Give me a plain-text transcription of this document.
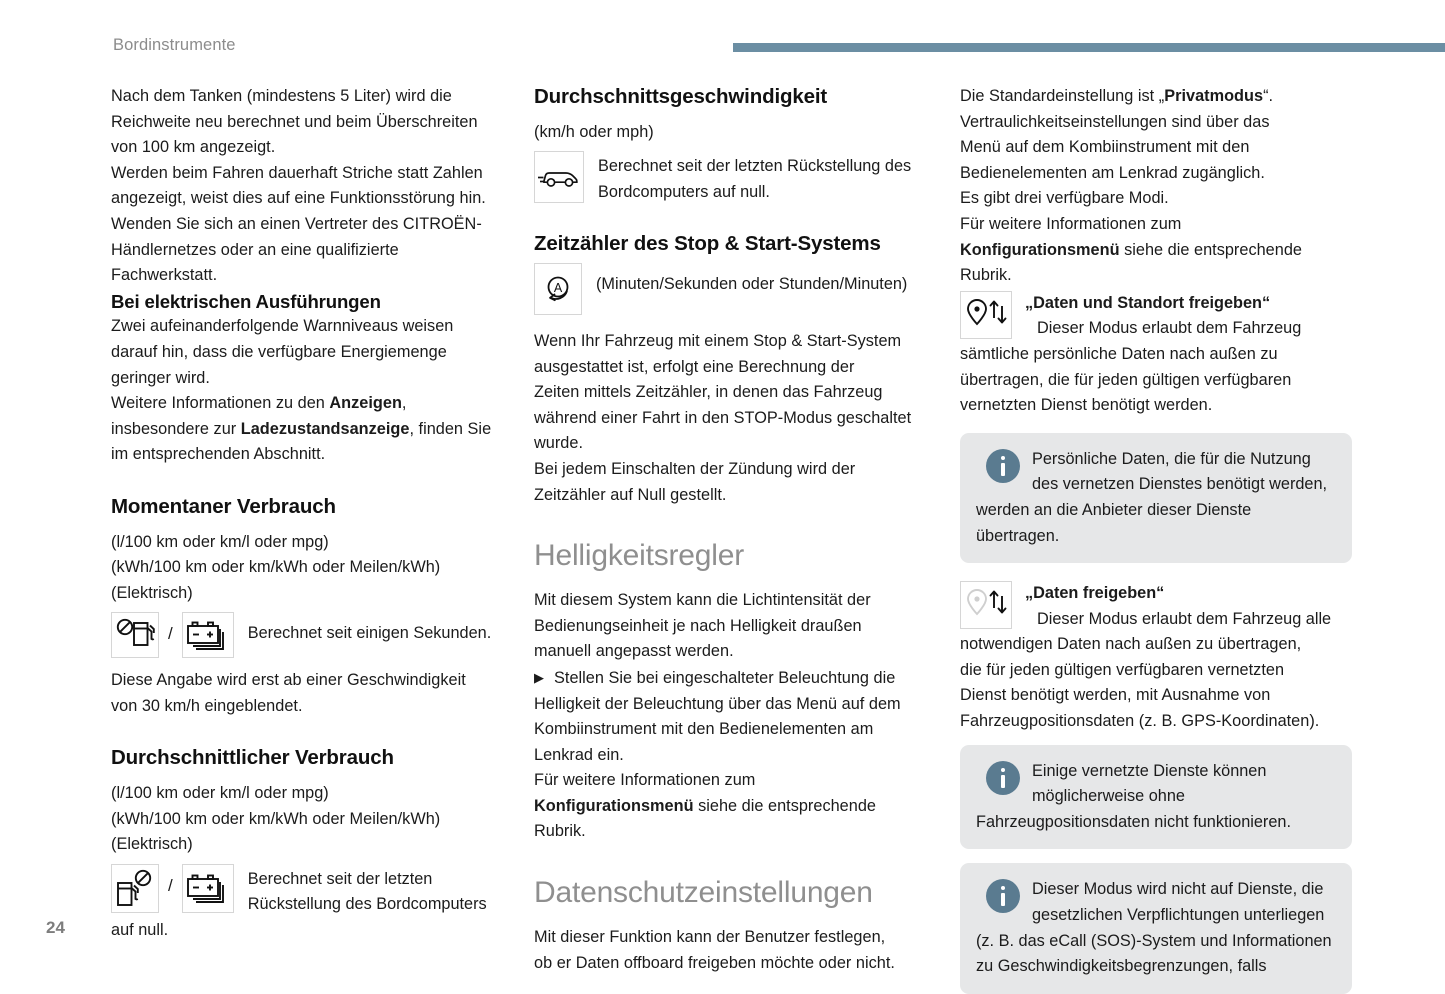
Bordinstrumente
24

Nach dem Tanken (mindestens 5 Liter) wird die
Reichweite neu berechnet und beim Überschreiten
von 100 km angezeigt.
Werden beim Fahren dauerhaft Striche statt Zahlen
angezeigt, weist dies auf eine Funktionsstörung hin.
Wenden Sie sich an einen Vertreter des CITROËN-
Händlernetzes oder an eine qualifizierte
Fachwerkstatt.

Bei elektrischen Ausführungen

Zwei aufeinanderfolgende Warnniveaus weisen
darauf hin, dass die verfügbare Energiemenge
geringer wird.
Weitere Informationen zu den Anzeigen,
insbesondere zur Ladezustandsanzeige, finden Sie
im entsprechenden Abschnitt.

Momentaner Verbrauch

(l/100 km oder km/l oder mpg)
(kWh/100 km oder km/kWh oder Meilen/kWh)
(Elektrisch)

/	Berechnet seit einigen Sekunden.

Diese Angabe wird erst ab einer Geschwindigkeit
von 30 km/h eingeblendet.

Durchschnittlicher Verbrauch

(l/100 km oder km/l oder mpg)
(kWh/100 km oder km/kWh oder Meilen/kWh)
(Elektrisch)

/	Berechnet seit der letzten
Rückstellung des Bordcomputers

auf null.

Durchschnittsgeschwindigkeit

(km/h oder mph)

Berechnet seit der letzten Rückstellung des
Bordcomputers auf null.

Zeitzähler des Stop & Start-Systems

A	(Minuten/Sekunden oder Stunden/Minuten)

Wenn Ihr Fahrzeug mit einem Stop & Start-System
ausgestattet ist, erfolgt eine Berechnung der
Zeiten mittels Zeitzähler, in denen das Fahrzeug
während einer Fahrt in den STOP-Modus geschaltet
wurde.
Bei jedem Einschalten der Zündung wird der
Zeitzähler auf Null gestellt.

Helligkeitsregler

Mit diesem System kann die Lichtintensität der
Bedienungseinheit je nach Helligkeit draußen
manuell angepasst werden.
▶ Stellen Sie bei eingeschalteter Beleuchtung die
Helligkeit der Beleuchtung über das Menü auf dem
Kombiinstrument mit den Bedienelementen am
Lenkrad ein.
Für weitere Informationen zum
Konfigurationsmenü siehe die entsprechende
Rubrik.

Datenschutzeinstellungen

Mit dieser Funktion kann der Benutzer festlegen,
ob er Daten offboard freigeben möchte oder nicht.

Die Standardeinstellung ist „Privatmodus“.
Vertraulichkeitseinstellungen sind über das
Menü auf dem Kombiinstrument mit den
Bedienelementen am Lenkrad zugänglich.
Es gibt drei verfügbare Modi.
Für weitere Informationen zum
Konfigurationsmenü siehe die entsprechende
Rubrik.

„Daten und Standort freigeben“
Dieser Modus erlaubt dem Fahrzeug

sämtliche persönliche Daten nach außen zu
übertragen, die für jeden gültigen verfügbaren
vernetzten Dienst benötigt werden.

Persönliche Daten, die für die Nutzung
des vernetzen Dienstes benötigt werden,
werden an die Anbieter dieser Dienste
übertragen.
„Daten freigeben“
Dieser Modus erlaubt dem Fahrzeug alle

notwendigen Daten nach außen zu übertragen,
die für jeden gültigen verfügbaren vernetzten
Dienst benötigt werden, mit Ausnahme von
Fahrzeugpositionsdaten (z. B. GPS-Koordinaten).

Einige vernetzte Dienste können
möglicherweise ohne
Fahrzeugpositionsdaten nicht funktionieren.
Dieser Modus wird nicht auf Dienste, die
gesetzlichen Verpflichtungen unterliegen
(z. B. das eCall (SOS)-System und Informationen
zu Geschwindigkeitsbegrenzungen, falls
